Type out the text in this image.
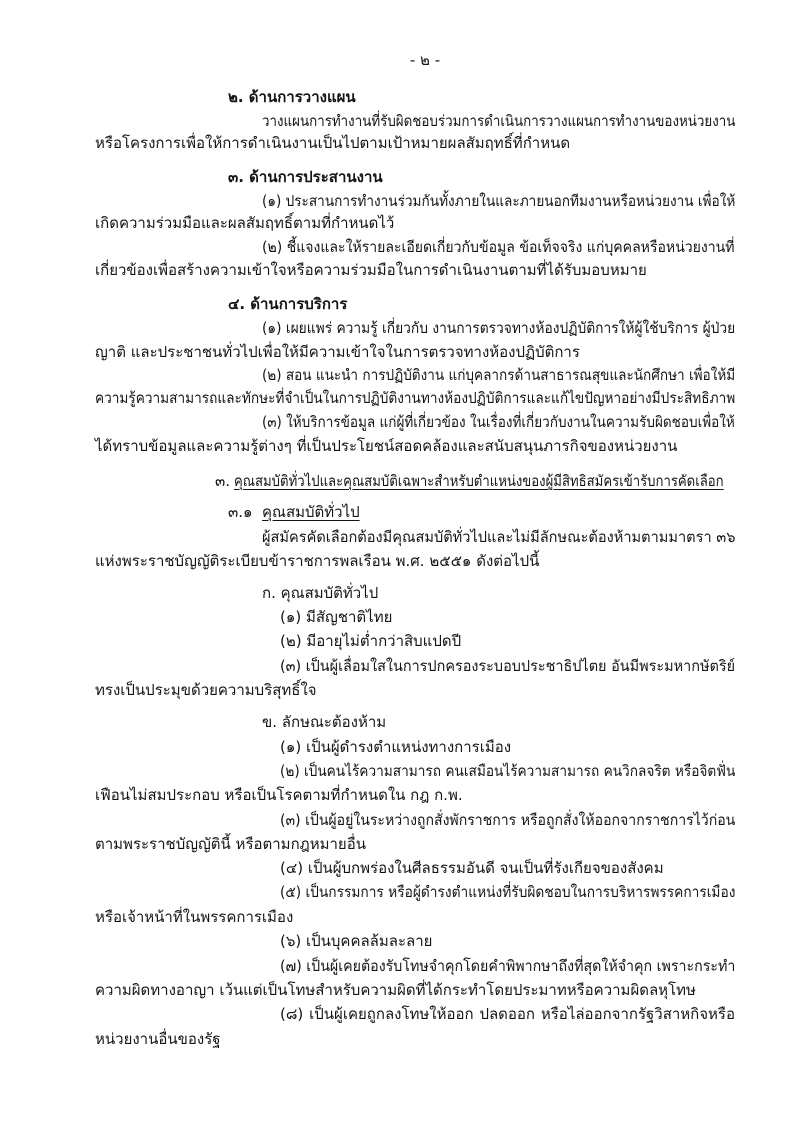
- ๒ -
๒. ด้านการวางแผน
วางแผนการทำงานที่รับผิดชอบร่วมการดำเนินการวางแผนการทำงานของหน่วยงาน
หรือโครงการเพื่อให้การดำเนินงานเป็นไปตามเป้าหมายผลสัมฤทธิ์ที่กำหนด
๓. ด้านการประสานงาน
(๑) ประสานการทำงานร่วมกันทั้งภายในและภายนอกทีมงานหรือหน่วยงาน เพื่อให้
เกิดความร่วมมือและผลสัมฤทธิ์ตามที่กำหนดไว้
(๒) ชี้แจงและให้รายละเอียดเกี่ยวกับข้อมูล ข้อเท็จจริง แก่บุคคลหรือหน่วยงานที่
เกี่ยวข้องเพื่อสร้างความเข้าใจหรือความร่วมมือในการดำเนินงานตามที่ได้รับมอบหมาย
๔. ด้านการบริการ
(๑) เผยแพร่ ความรู้ เกี่ยวกับ งานการตรวจทางห้องปฏิบัติการให้ผู้ใช้บริการ ผู้ป่วย
ญาติ และประชาชนทั่วไปเพื่อให้มีความเข้าใจในการตรวจทางห้องปฏิบัติการ
(๒) สอน แนะนำ การปฏิบัติงาน แก่บุคลากรด้านสาธารณสุขและนักศึกษา เพื่อให้มี
ความรู้ความสามารถและทักษะที่จำเป็นในการปฏิบัติงานทางห้องปฏิบัติการและแก้ไขปัญหาอย่างมีประสิทธิภาพ
(๓) ให้บริการข้อมูล แก่ผู้ที่เกี่ยวข้อง ในเรื่องที่เกี่ยวกับงานในความรับผิดชอบเพื่อให้
ได้ทราบข้อมูลและความรู้ต่างๆ ที่เป็นประโยชน์สอดคล้องและสนับสนุนภารกิจของหน่วยงาน
๓. คุณสมบัติทั่วไปและคุณสมบัติเฉพาะสำหรับตำแหน่งของผู้มีสิทธิสมัครเข้ารับการคัดเลือก
๓.๑ คุณสมบัติทั่วไป
ผู้สมัครคัดเลือกต้องมีคุณสมบัติทั่วไปและไม่มีลักษณะต้องห้ามตามมาตรา ๓๖
แห่งพระราชบัญญัติระเบียบข้าราชการพลเรือน พ.ศ. ๒๕๕๑ ดังต่อไปนี้
ก. คุณสมบัติทั่วไป
(๑) มีสัญชาติไทย
(๒) มีอายุไม่ต่ำกว่าสิบแปดปี
(๓) เป็นผู้เลื่อมใสในการปกครองระบอบประชาธิปไตย อันมีพระมหากษัตริย์
ทรงเป็นประมุขด้วยความบริสุทธิ์ใจ
ข. ลักษณะต้องห้าม
(๑) เป็นผู้ดำรงตำแหน่งทางการเมือง
(๒) เป็นคนไร้ความสามารถ คนเสมือนไร้ความสามารถ คนวิกลจริต หรือจิตฟั่น
เฟือนไม่สมประกอบ หรือเป็นโรคตามที่กำหนดใน กฎ ก.พ.
(๓) เป็นผู้อยู่ในระหว่างถูกสั่งพักราชการ หรือถูกสั่งให้ออกจากราชการไว้ก่อน
ตามพระราชบัญญัตินี้ หรือตามกฎหมายอื่น
(๔) เป็นผู้บกพร่องในศีลธรรมอันดี จนเป็นที่รังเกียจของสังคม
(๕) เป็นกรรมการ หรือผู้ดำรงตำแหน่งที่รับผิดชอบในการบริหารพรรคการเมือง
หรือเจ้าหน้าที่ในพรรคการเมือง
(๖) เป็นบุคคลล้มละลาย
(๗) เป็นผู้เคยต้องรับโทษจำคุกโดยคำพิพากษาถึงที่สุดให้จำคุก เพราะกระทำ
ความผิดทางอาญา เว้นแต่เป็นโทษสำหรับความผิดที่ได้กระทำโดยประมาทหรือความผิดลหุโทษ
(๘) เป็นผู้เคยถูกลงโทษให้ออก ปลดออก หรือไล่ออกจากรัฐวิสาหกิจหรือ
หน่วยงานอื่นของรัฐ
